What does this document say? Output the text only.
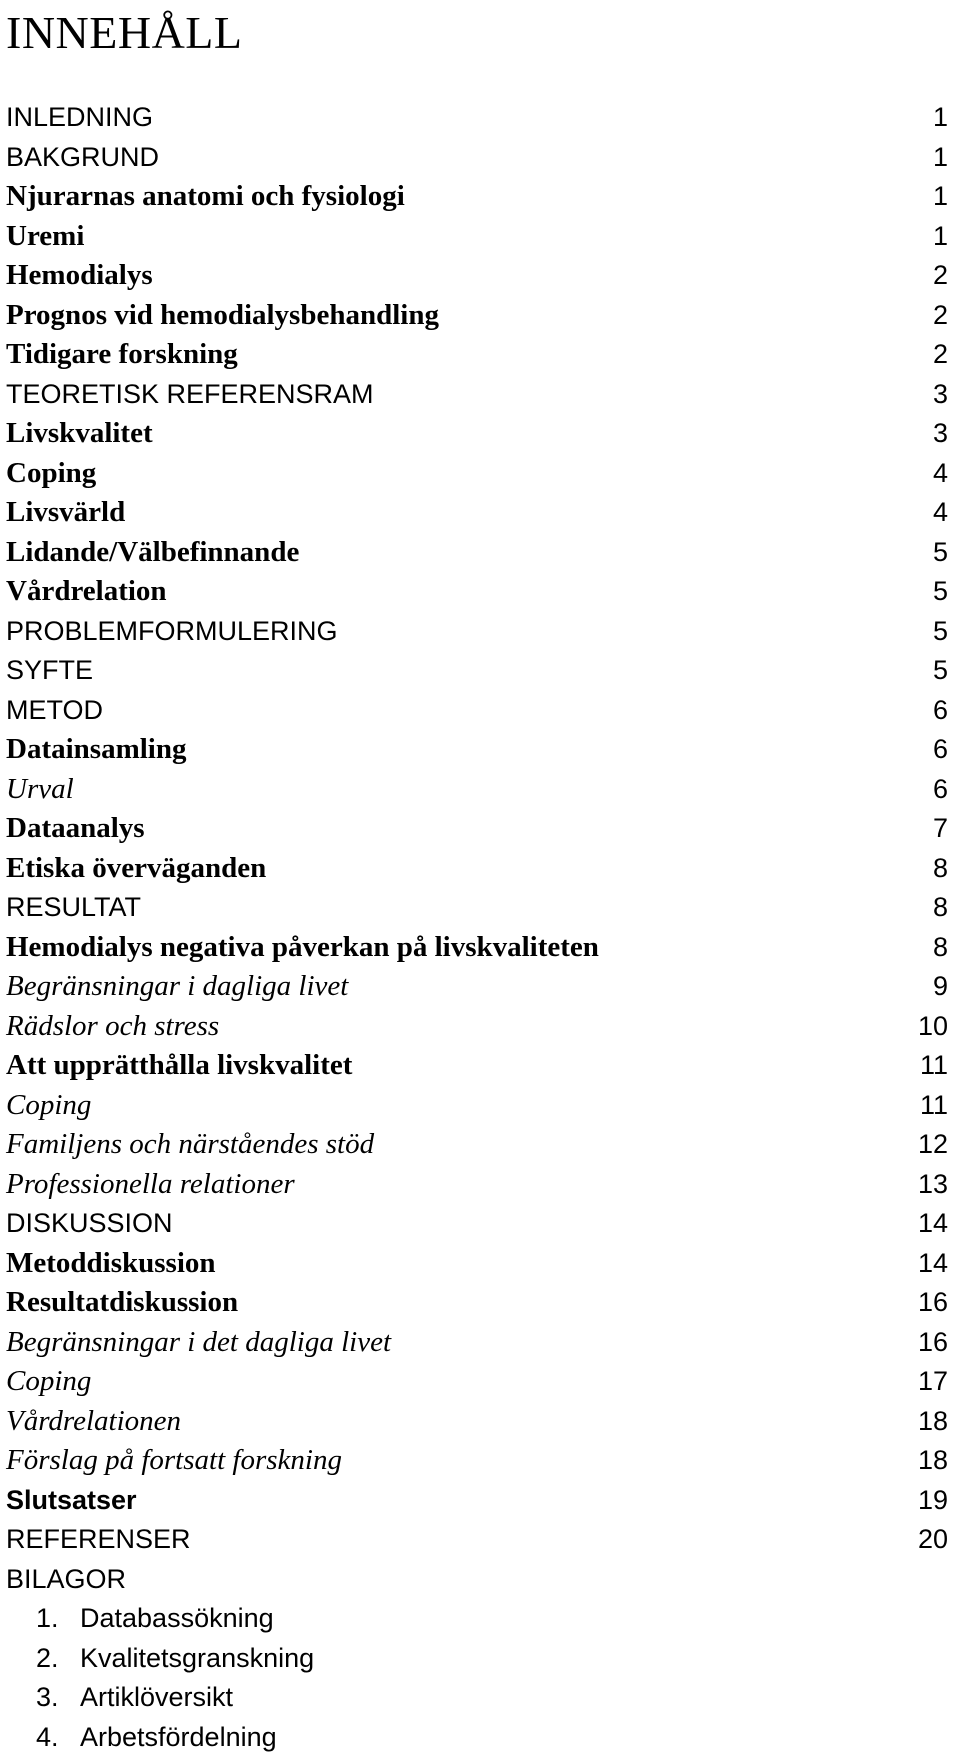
INNEHÅLL
INLEDNING	1
BAKGRUND	1
Njurarnas anatomi och fysiologi	1
Uremi	1
Hemodialys	2
Prognos vid hemodialysbehandling	2
Tidigare forskning	2
TEORETISK REFERENSRAM	3
Livskvalitet	3
Coping	4
Livsvärld	4
Lidande/Välbefinnande	5
Vårdrelation	5
PROBLEMFORMULERING	5
SYFTE	5
METOD	6
Datainsamling	6
Urval	6
Dataanalys	7
Etiska överväganden	8
RESULTAT	8
Hemodialys negativa påverkan på livskvaliteten	8
Begränsningar i dagliga livet	9
Rädslor och stress	10
Att upprätthålla livskvalitet	11
Coping	11
Familjens och närståendes stöd	12
Professionella relationer	13
DISKUSSION	14
Metoddiskussion	14
Resultatdiskussion	16
Begränsningar i det dagliga livet	16
Coping	17
Vårdrelationen	18
Förslag på fortsatt forskning	18
Slutsatser	19
REFERENSER	20
BILAGOR
1. Databassökning
2. Kvalitetsgranskning
3. Artiklöversikt
4. Arbetsfördelning
